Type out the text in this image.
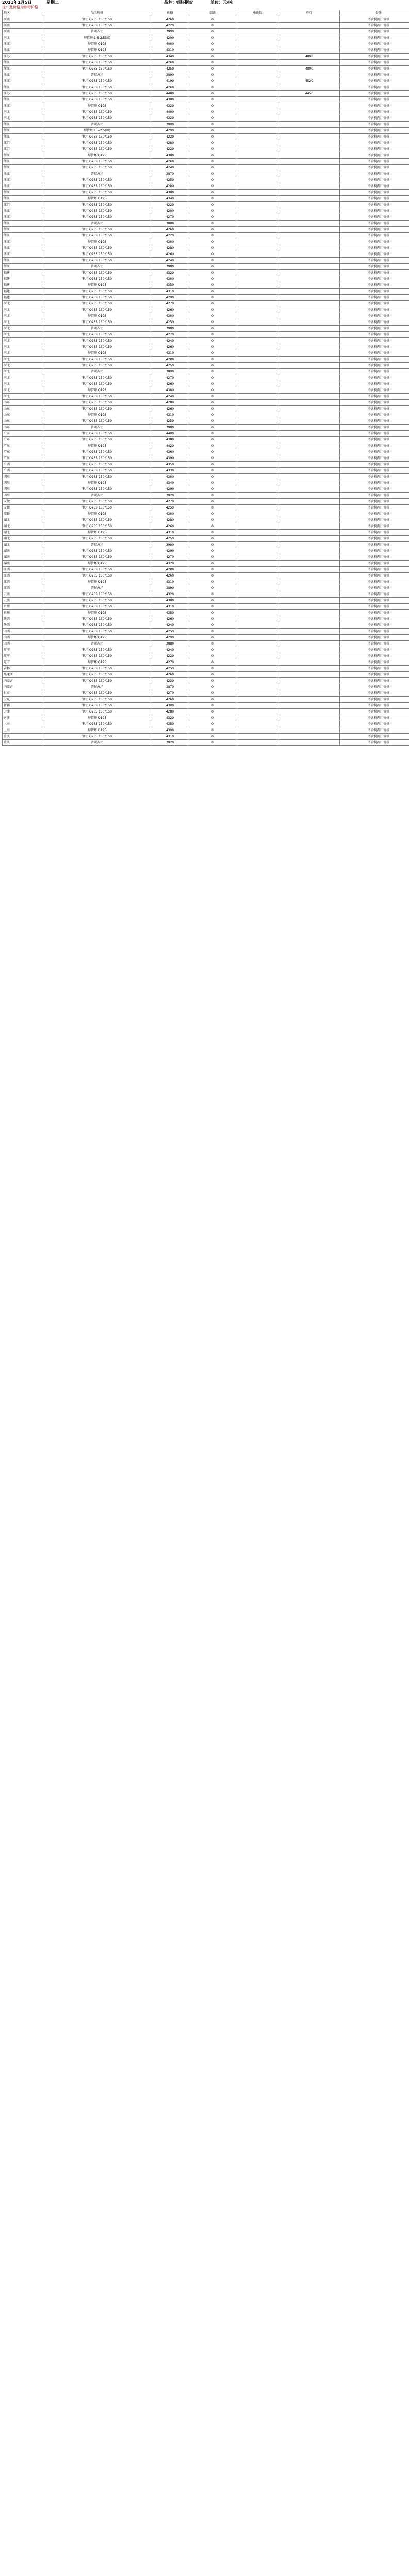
2021年1月5日	星期二	品种：钢坯期货	单位：元/吨
注：此价格为参考价格
地区	品名规格	价格	涨跌	涨跌幅	库存	备注
河南	钢坯 Q235 150*150	4260	0			不含税两厂价格
河南	钢坯 Q235 150*150	4220	0			不含税两厂价格
河南	普碳方坯	3990	0			不含税两厂价格
河北	焊管坯 1.5-2.5(加)	4290	0			不含税两厂价格
浙江	焊管坯 Q195	4000	0			不含税两厂价格
浙江	焊管坯 Q195	4310	0			不含税两厂价格
江苏	钢坯 Q235 150*150	4340	0		4890	不含税两厂价格
浙江	钢坯 Q235 150*150	4260	0			不含税两厂价格
浙江	钢坯 Q235 150*150	4250	0		4800	不含税两厂价格
浙江	普碳方坯	3890	0			不含税两厂价格
浙江	钢坯 Q235 150*150	4190	0		4520	不含税两厂价格
浙江	钢坯 Q235 150*150	4260	0			不含税两厂价格
江苏	钢坯 Q235 150*150	4400	0		4450	不含税两厂价格
浙江	钢坯 Q235 150*150	4380	0			不含税两厂价格
浙江	焊管坯 Q195	4320	0			不含税两厂价格
河北	钢坯 Q235 150*150	4400	0			不含税两厂价格
河北	钢坯 Q235 150*150	4320	0			不含税两厂价格
浙江	普碳方坯	3900	0			不含税两厂价格
浙江	焊管坯 1.5-2.5(加)	4290	0			不含税两厂价格
浙江	钢坯 Q235 150*150	4220	0			不含税两厂价格
江苏	钢坯 Q235 150*150	4280	0			不含税两厂价格
江苏	钢坯 Q235 150*150	4220	0			不含税两厂价格
浙江	焊管坯 Q195	4300	0			不含税两厂价格
浙江	钢坯 Q235 150*150	4260	0			不含税两厂价格
浙江	钢坯 Q235 150*150	4240	0			不含税两厂价格
浙江	普碳方坯	3870	0			不含税两厂价格
浙江	钢坯 Q235 150*150	4250	0			不含税两厂价格
浙江	钢坯 Q235 150*150	4280	0			不含税两厂价格
浙江	钢坯 Q235 150*150	4300	0			不含税两厂价格
浙江	焊管坯 Q195	4340	0			不含税两厂价格
江苏	钢坯 Q235 150*150	4220	0			不含税两厂价格
浙江	钢坯 Q235 150*150	4200	0			不含税两厂价格
浙江	钢坯 Q235 150*150	4270	0			不含税两厂价格
浙江	普碳方坯	3880	0			不含税两厂价格
浙江	钢坯 Q235 150*150	4260	0			不含税两厂价格
浙江	钢坯 Q235 150*150	4220	0			不含税两厂价格
浙江	焊管坯 Q195	4300	0			不含税两厂价格
浙江	钢坯 Q235 150*150	4280	0			不含税两厂价格
浙江	钢坯 Q235 150*150	4260	0			不含税两厂价格
浙江	钢坯 Q235 150*150	4240	0			不含税两厂价格
浙江	普碳方坯	3900	0			不含税两厂价格
福建	钢坯 Q235 150*150	4320	0			不含税两厂价格
福建	钢坯 Q235 150*150	4300	0			不含税两厂价格
福建	焊管坯 Q195	4350	0			不含税两厂价格
福建	钢坯 Q235 150*150	4310	0			不含税两厂价格
福建	钢坯 Q235 150*150	4290	0			不含税两厂价格
河北	钢坯 Q235 150*150	4270	0			不含税两厂价格
河北	钢坯 Q235 150*150	4260	0			不含税两厂价格
河北	焊管坯 Q195	4300	0			不含税两厂价格
河北	钢坯 Q235 150*150	4250	0			不含税两厂价格
河北	普碳方坯	3900	0			不含税两厂价格
河北	钢坯 Q235 150*150	4270	0			不含税两厂价格
河北	钢坯 Q235 150*150	4240	0			不含税两厂价格
河北	钢坯 Q235 150*150	4260	0			不含税两厂价格
河北	焊管坯 Q195	4310	0			不含税两厂价格
河北	钢坯 Q235 150*150	4280	0			不含税两厂价格
河北	钢坯 Q235 150*150	4250	0			不含税两厂价格
河北	普碳方坯	3890	0			不含税两厂价格
河北	钢坯 Q235 150*150	4270	0			不含税两厂价格
河北	钢坯 Q235 150*150	4260	0			不含税两厂价格
河北	焊管坯 Q195	4300	0			不含税两厂价格
河北	钢坯 Q235 150*150	4240	0			不含税两厂价格
山东	钢坯 Q235 150*150	4280	0			不含税两厂价格
山东	钢坯 Q235 150*150	4260	0			不含税两厂价格
山东	焊管坯 Q195	4310	0			不含税两厂价格
山东	钢坯 Q235 150*150	4250	0			不含税两厂价格
山东	普碳方坯	3900	0			不含税两厂价格
广东	钢坯 Q235 150*150	4400	0			不含税两厂价格
广东	钢坯 Q235 150*150	4380	0			不含税两厂价格
广东	焊管坯 Q195	4420	0			不含税两厂价格
广东	钢坯 Q235 150*150	4360	0			不含税两厂价格
广东	钢坯 Q235 150*150	4390	0			不含税两厂价格
广西	钢坯 Q235 150*150	4350	0			不含税两厂价格
广西	钢坯 Q235 150*150	4330	0			不含税两厂价格
四川	钢坯 Q235 150*150	4300	0			不含税两厂价格
四川	焊管坯 Q195	4340	0			不含税两厂价格
四川	钢坯 Q235 150*150	4290	0			不含税两厂价格
四川	普碳方坯	3920	0			不含税两厂价格
安徽	钢坯 Q235 150*150	4270	0			不含税两厂价格
安徽	钢坯 Q235 150*150	4250	0			不含税两厂价格
安徽	焊管坯 Q195	4300	0			不含税两厂价格
湖北	钢坯 Q235 150*150	4280	0			不含税两厂价格
湖北	钢坯 Q235 150*150	4260	0			不含税两厂价格
湖北	焊管坯 Q195	4310	0			不含税两厂价格
湖北	钢坯 Q235 150*150	4250	0			不含税两厂价格
湖北	普碳方坯	3900	0			不含税两厂价格
湖南	钢坯 Q235 150*150	4290	0			不含税两厂价格
湖南	钢坯 Q235 150*150	4270	0			不含税两厂价格
湖南	焊管坯 Q195	4320	0			不含税两厂价格
江西	钢坯 Q235 150*150	4280	0			不含税两厂价格
江西	钢坯 Q235 150*150	4260	0			不含税两厂价格
江西	焊管坯 Q195	4310	0			不含税两厂价格
江西	普碳方坯	3890	0			不含税两厂价格
云南	钢坯 Q235 150*150	4320	0			不含税两厂价格
云南	钢坯 Q235 150*150	4300	0			不含税两厂价格
贵州	钢坯 Q235 150*150	4310	0			不含税两厂价格
贵州	焊管坯 Q195	4350	0			不含税两厂价格
陕西	钢坯 Q235 150*150	4260	0			不含税两厂价格
陕西	钢坯 Q235 150*150	4240	0			不含税两厂价格
山西	钢坯 Q235 150*150	4250	0			不含税两厂价格
山西	焊管坯 Q195	4290	0			不含税两厂价格
山西	普碳方坯	3880	0			不含税两厂价格
辽宁	钢坯 Q235 150*150	4240	0			不含税两厂价格
辽宁	钢坯 Q235 150*150	4220	0			不含税两厂价格
辽宁	焊管坯 Q195	4270	0			不含税两厂价格
吉林	钢坯 Q235 150*150	4250	0			不含税两厂价格
黑龙江	钢坯 Q235 150*150	4260	0			不含税两厂价格
内蒙古	钢坯 Q235 150*150	4230	0			不含税两厂价格
内蒙古	普碳方坯	3870	0			不含税两厂价格
甘肃	钢坯 Q235 150*150	4270	0			不含税两厂价格
宁夏	钢坯 Q235 150*150	4260	0			不含税两厂价格
新疆	钢坯 Q235 150*150	4300	0			不含税两厂价格
天津	钢坯 Q235 150*150	4280	0			不含税两厂价格
天津	焊管坯 Q195	4320	0			不含税两厂价格
上海	钢坯 Q235 150*150	4350	0			不含税两厂价格
上海	焊管坯 Q195	4390	0			不含税两厂价格
重庆	钢坯 Q235 150*150	4310	0			不含税两厂价格
重庆	普碳方坯	3920	0			不含税两厂价格
